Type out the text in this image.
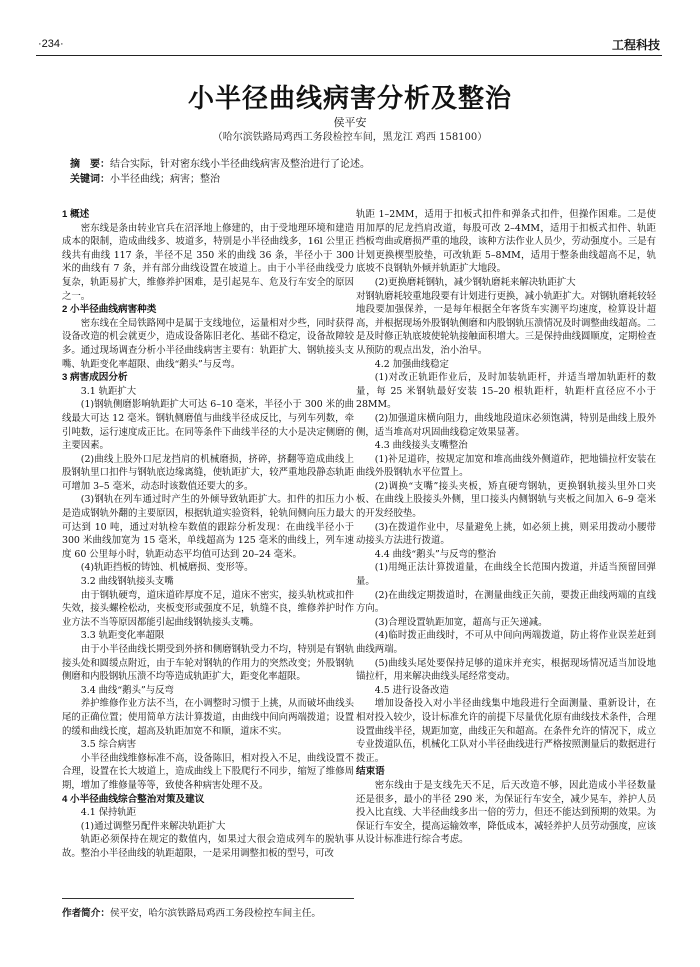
·234·	工程科技
小半径曲线病害分析及整治
侯平安
（哈尔滨铁路局鸡西工务段检控车间，黑龙江 鸡西 158100）
摘　要：结合实际，针对密东线小半径曲线病害及整治进行了论述。
关键词：小半径曲线；病害；整治

1 概述

密东线是条由转业官兵在沼泽地上修建的，由于受地理环境和建造成本的限制，造成曲线多、坡道多，特别是小半径曲线多，16l 公里正线共有曲线 117 条，半径不足 350 米的曲线 36 条，半径小于 300 米的曲线有 7 条，并有部分曲线设置在坡道上。由于小半径曲线受力复杂，轨距易扩大，维修养护困难，是引起晃车、危及行车安全的原因之一。

2 小半径曲线病害种类

密东线在全局铁路网中是属于支线地位，运量相对少些，同时获得设备改造的机会就更少，造成设备陈旧老化、基础不稳定，设备故障较多。通过现场调查分析小半径曲线病害主要有：轨距扩大、钢轨接头支嘴、轨距变化率超限、曲线“鹅头”与反弯。

3 病害成因分析

3.1 轨距扩大

(1)钢轨侧磨影响轨距扩大可达 6–10 毫米，半径小于 300 米的曲线最大可达 12 毫米。钢轨侧磨值与曲线半径成反比，与列车列数，牵引吨数，运行速度成正比。在同等条件下曲线半径的大小是决定侧磨的主要因素。

(2)曲线上股外口尼龙挡肩的机械磨损，挤碎，挤翻等造成曲线上股钢轨里口扣件与钢轨底边缘离缝，使轨距扩大，较严重地段静态轨距可增加 3–5 毫米，动态时该数值还要大的多。

(3)钢轨在列车通过时产生的外倾导致轨距扩大。扣件的扣压力小是造成钢轨外翻的主要原因，根据轨道实验资料，轮轨间侧向压力最大可达到 10 吨，通过对轨检车数值的跟踪分析发现：在曲线半径小于 300 米曲线加宽为 15 毫米，单线超高为 125 毫米的曲线上，列车速度 60 公里每小时，轨距动态平均值可达到 20–24 毫米。

(4)轨距挡板的铸蚀、机械磨损、变形等。

3.2 曲线钢轨接头支嘴

由于钢轨硬弯，道床道砟厚度不足，道床不密实，接头轨枕或扣件失效，接头螺栓松动，夹板变形或强度不足，轨缝不良，维修养护时作业方法不当等原因都能引起曲线钢轨接头支嘴。

3.3 轨距变化率超限

由于小半径曲线长期受到外挤和侧磨钢轨受力不均，特别是有钢轨接头处和圆缓点附近，由于车轮对钢轨的作用力的突然改变；外股钢轨侧磨和内股钢轨压溃不均等造成轨距扩大，距变化率超限。

3.4 曲线“鹅头”与反弯

养护维修作业方法不当，在小调整时习惯于上挑，从而破坏曲线头尾的正确位置；使用简单方法计算拨道，由曲线中间向两端拨道；设置的缓和曲线长度，超高及轨距加宽不和顺，道床不实。

3.5 综合病害

小半径曲线维修标准不高，设备陈旧，相对投入不足，曲线设置不合理，设置在长大坡道上，造成曲线上下股爬行不同步，缩短了维修周期，增加了维修量等等，致使各种病害处理不及。

4 小半径曲线综合整治对策及建议

4.1 保持轨距

(1)通过调整另配件来解决轨距扩大

轨距必须保持在规定的数值内，如果过大很会造成列车的脱轨事故。整治小半径曲线的轨距超限，一是采用调整扣板的型号，可改

轨距 1–2MM，适用于扣板式扣件和弹条式扣件，但操作困难。二是使用加厚的尼龙挡肩改道，每股可改 2–4MM，适用于扣板式扣件、轨距挡板弯曲或磨损严重的地段，该种方法作业人员少，劳动强度小。三是有计划更换楔型胶垫，可改轨距 5–8MM，适用于整条曲线超高不足，轨底坡不良钢轨外倾并轨距扩大地段。

(2)更换磨耗钢轨，减少钢轨磨耗来解决轨距扩大

对钢轨磨耗较重地段要有计划进行更换，减小轨距扩大。对钢轨磨耗较轻地段要加强保养，一是每年根据全年客货车实测平均速度，检算设计超高，并根据现场外股钢轨侧磨和内股钢轨压溃情况及时调整曲线超高。二是及时修正轨底坡使轮轨接触面积增大。三是保持曲线圆顺度，定期检查从预防的观点出发，治小治早。

4.2 加强曲线稳定

(1)对改正轨距作业后，及时加装轨距杆，并适当增加轨距杆的数量，每 25 米钢轨最好安装 15–20 根轨距杆，轨距杆直径应不小于 28MM。

(2)加强道床横向阻力，曲线地段道床必须饱满，特别是曲线上股外侧，适当堆高对巩固曲线稳定效果显著。

4.3 曲线接头支嘴整治

(1)补足道砟，按规定加宽和堆高曲线外侧道砟，把地锚拉杆安装在曲线外股钢轨水平位置上。

(2)调换“支嘴”接头夹板，矫直硬弯钢轨，更换钢轨接头里外口夹板、在曲线上股接头外侧，里口接头内侧钢轨与夹板之间加入 6–9 毫米的开发经胶垫。

(3)在拨道作业中，尽量避免上挑，如必须上挑，则采用拨动小腰带动接头方法进行拨道。

4.4 曲线“鹅头”与反弯的整治

(1)用绳正法计算拨道量，在曲线全长范围内拨道，并适当预留回弹量。

(2)在曲线定期拨道时，在测量曲线正矢前，要拨正曲线两端的直线方向。

(3)合理设置轨距加宽，超高与正矢递减。

(4)临时拨正曲线时，不可从中间向两端拨道，防止将作业误差赶到曲线两端。

(5)曲线头尾处要保持足够的道床并充实，根据现场情况适当加设地锚拉杆，用来解决曲线头尾经常变动。

4.5 进行设备改造

增加设备投入对小半径曲线集中地段进行全面测量、重新设计，在相对投入较少，设计标准允许的前提下尽量优化原有曲线技术条件，合理设置曲线半径，规距加宽，曲线正矢和超高。在条件允许的情况下，成立专业拨道队伍，机械化工队对小半径曲线进行严格按照测量后的数据进行拨正。

结束语

密东线由于是支线先天不足，后天改造不够，因此造成小半径数量还是很多，最小的半径 290 米，为保证行车安全，减少晃车，养护人员投入比直线、大半径曲线多出一倍的劳力，但还不能达到预期的效果。为保证行车安全，提高运输效率，降低成本，减轻养护人员劳动强度，应该从设计标准进行综合考虑。

作者简介：侯平安，哈尔滨铁路局鸡西工务段检控车间主任。
